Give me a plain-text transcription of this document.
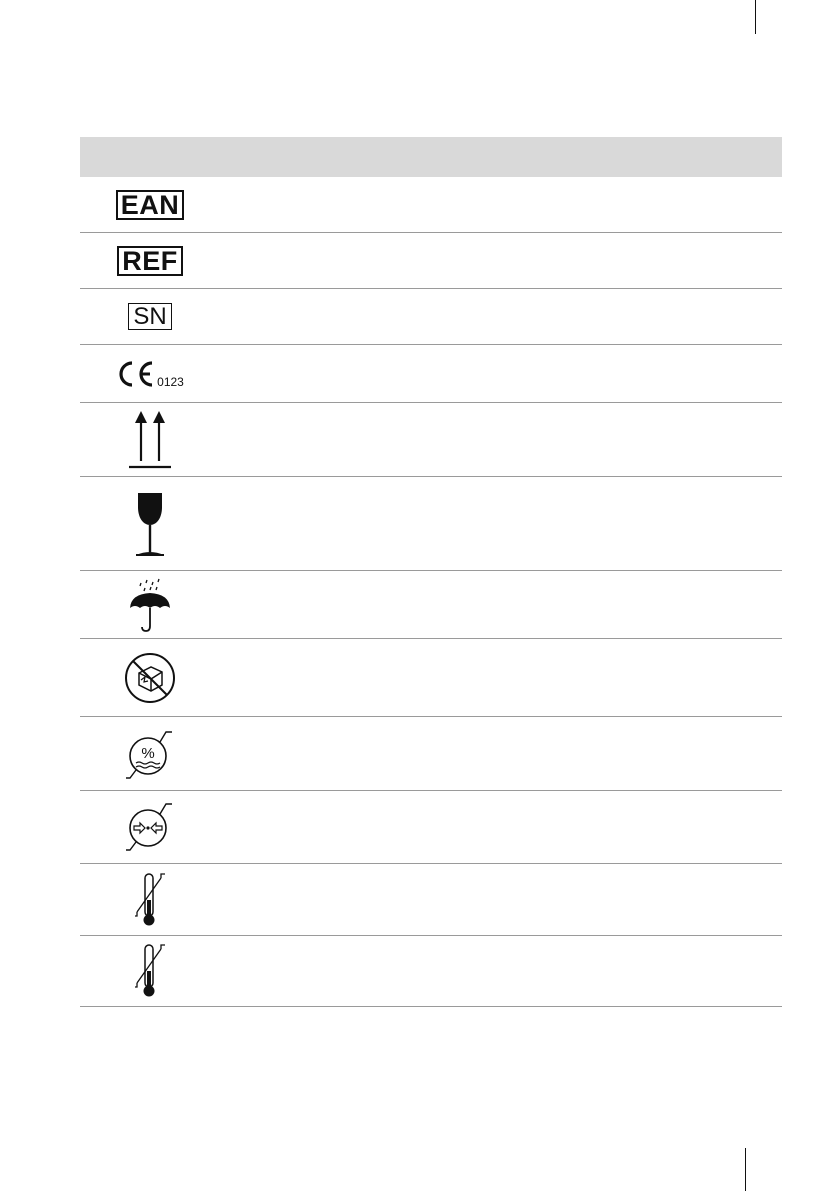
EAN
REF
SN
0123
%
